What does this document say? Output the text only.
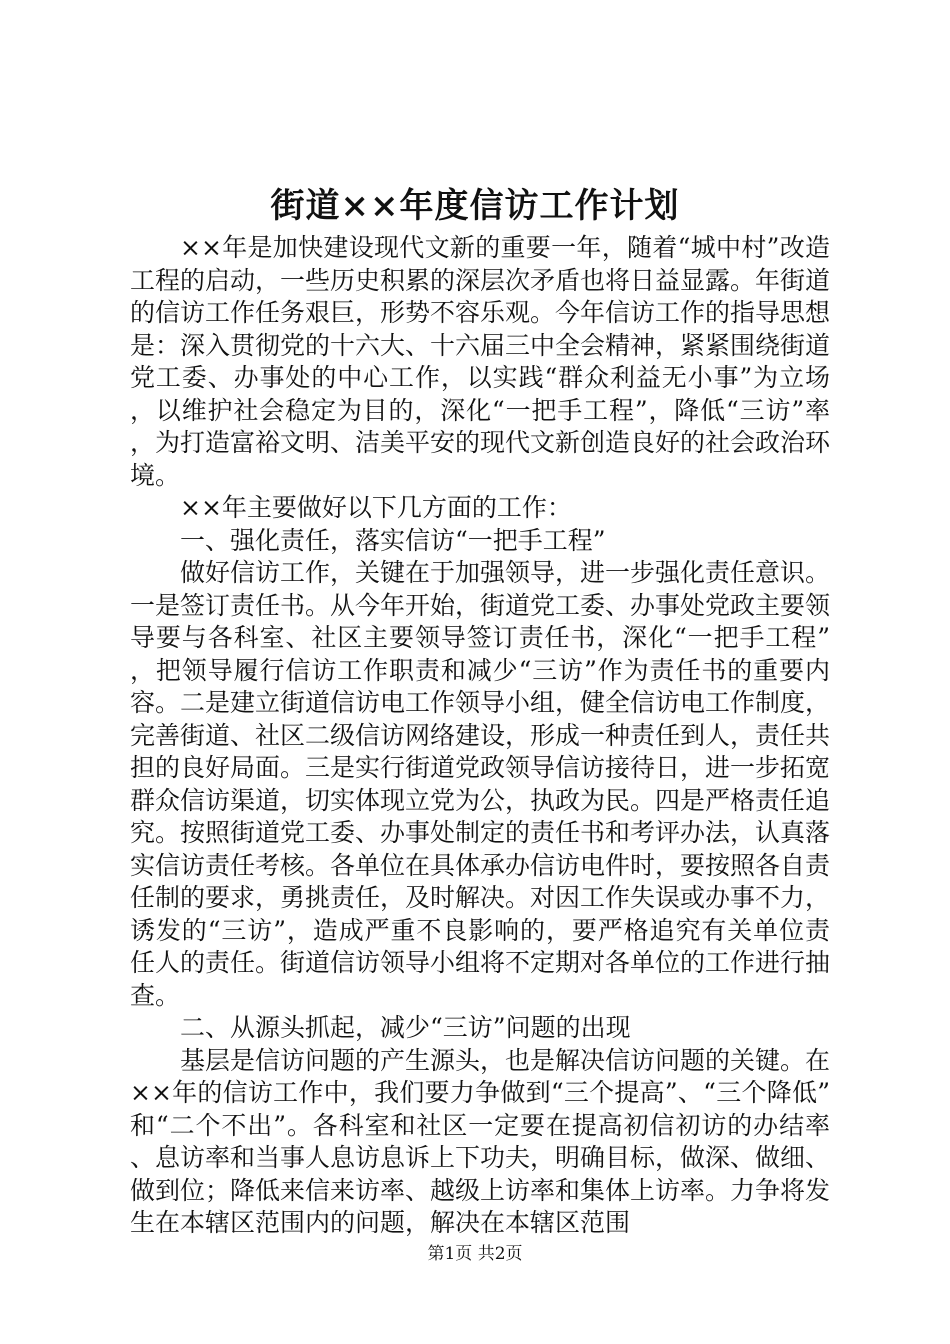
街道××年度信访工作计划

××年是加快建设现代文新的重要一年，随着“城中村”改造工程的启动，一些历史积累的深层次矛盾也将日益显露。年街道的信访工作任务艰巨，形势不容乐观。今年信访工作的指导思想是：深入贯彻党的十六大、十六届三中全会精神，紧紧围绕街道党工委、办事处的中心工作，以实践“群众利益无小事”为立场，以维护社会稳定为目的，深化“一把手工程”，降低“三访”率，为打造富裕文明、洁美平安的现代文新创造良好的社会政治环境。

××年主要做好以下几方面的工作：

一、强化责任，落实信访“一把手工程”

做好信访工作，关键在于加强领导，进一步强化责任意识。一是签订责任书。从今年开始，街道党工委、办事处党政主要领导要与各科室、社区主要领导签订责任书，深化“一把手工程”，把领导履行信访工作职责和减少“三访”作为责任书的重要内容。二是建立街道信访电工作领导小组，健全信访电工作制度，完善街道、社区二级信访网络建设，形成一种责任到人，责任共担的良好局面。三是实行街道党政领导信访接待日，进一步拓宽群众信访渠道，切实体现立党为公，执政为民。四是严格责任追究。按照街道党工委、办事处制定的责任书和考评办法，认真落实信访责任考核。各单位在具体承办信访电件时，要按照各自责任制的要求，勇挑责任，及时解决。对因工作失误或办事不力，诱发的“三访”，造成严重不良影响的，要严格追究有关单位责任人的责任。街道信访领导小组将不定期对各单位的工作进行抽查。

二、从源头抓起，减少“三访”问题的出现

基层是信访问题的产生源头，也是解决信访问题的关键。在××年的信访工作中，我们要力争做到“三个提高”、“三个降低”和“二个不出”。各科室和社区一定要在提高初信初访的办结率、息访率和当事人息访息诉上下功夫，明确目标，做深、做细、做到位；降低来信来访率、越级上访率和集体上访率。力争将发生在本辖区范围内的问题，解决在本辖区范围

第1页 共2页
